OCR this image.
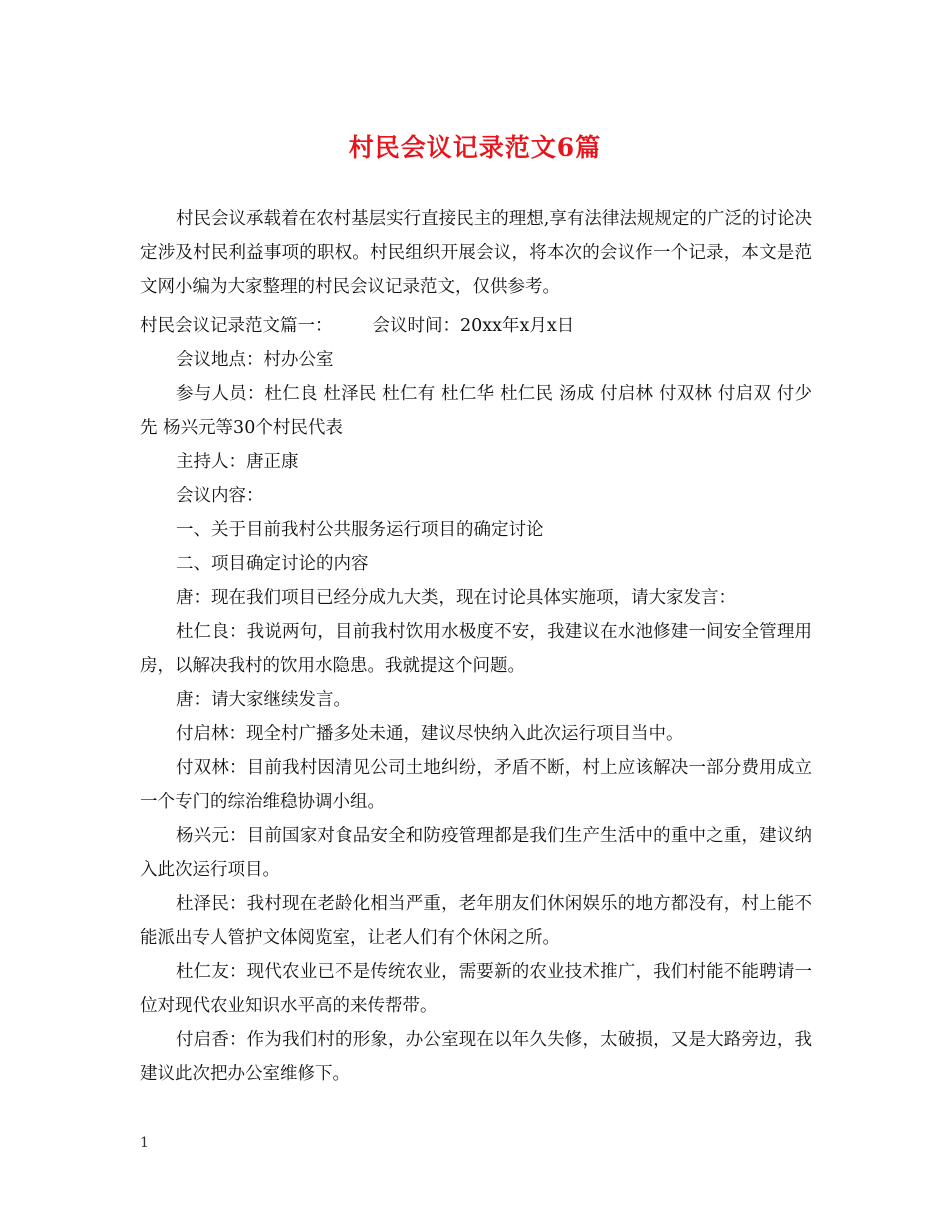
村民会议记录范文6篇

村民会议承载着在农村基层实行直接民主的理想,享有法律法规规定的广泛的讨论决定涉及村民利益事项的职权。村民组织开展会议，将本次的会议作一个记录，本文是范文网小编为大家整理的村民会议记录范文，仅供参考。

村民会议记录范文篇一： 会议时间：20xx年x月x日

会议地点：村办公室

参与人员：杜仁良 杜泽民 杜仁有 杜仁华 杜仁民 汤成 付启林 付双林 付启双 付少先 杨兴元等30个村民代表

主持人：唐正康

会议内容：

一、关于目前我村公共服务运行项目的确定讨论

二、项目确定讨论的内容

唐：现在我们项目已经分成九大类，现在讨论具体实施项，请大家发言：

杜仁良：我说两句，目前我村饮用水极度不安，我建议在水池修建一间安全管理用房，以解决我村的饮用水隐患。我就提这个问题。

唐：请大家继续发言。

付启林：现全村广播多处未通，建议尽快纳入此次运行项目当中。

付双林：目前我村因清见公司土地纠纷，矛盾不断，村上应该解决一部分费用成立一个专门的综治维稳协调小组。

杨兴元：目前国家对食品安全和防疫管理都是我们生产生活中的重中之重，建议纳入此次运行项目。

杜泽民：我村现在老龄化相当严重，老年朋友们休闲娱乐的地方都没有，村上能不能派出专人管护文体阅览室，让老人们有个休闲之所。

杜仁友：现代农业已不是传统农业，需要新的农业技术推广，我们村能不能聘请一位对现代农业知识水平高的来传帮带。

付启香：作为我们村的形象，办公室现在以年久失修，太破损，又是大路旁边，我建议此次把办公室维修下。

1
